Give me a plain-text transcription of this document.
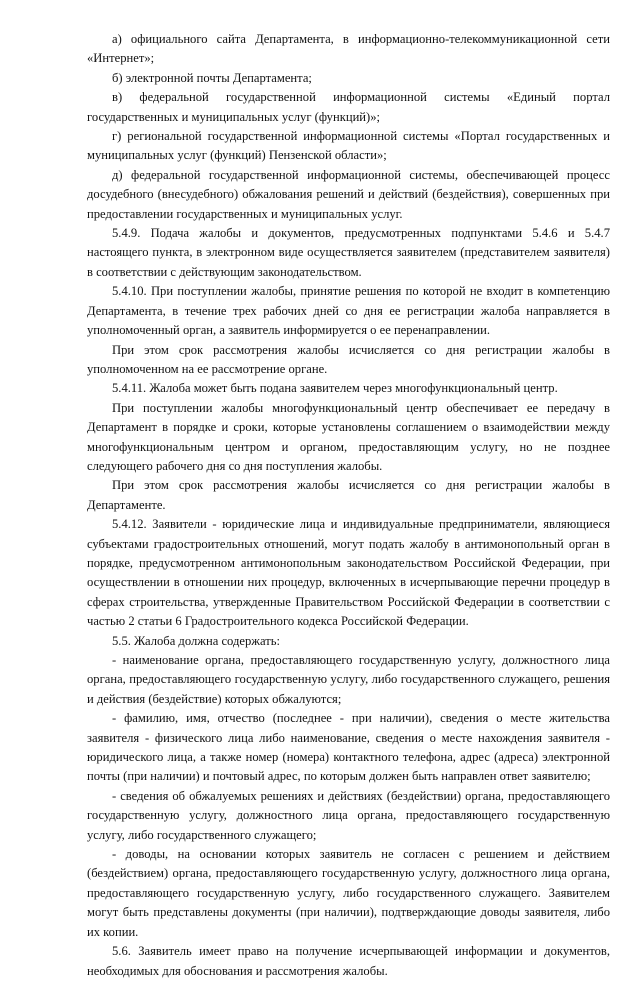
а) официального сайта Департамента, в информационно-телекоммуникационной сети «Интернет»;

б) электронной почты Департамента;

в) федеральной государственной информационной системы «Единый портал государственных и муниципальных услуг (функций)»;

г) региональной государственной информационной системы «Портал государственных и муниципальных услуг (функций) Пензенской области»;

д) федеральной государственной информационной системы, обеспечивающей процесс досудебного (внесудебного) обжалования решений и действий (бездействия), совершенных при предоставлении государственных и муниципальных услуг.

5.4.9. Подача жалобы и документов, предусмотренных подпунктами 5.4.6 и 5.4.7 настоящего пункта, в электронном виде осуществляется заявителем (представителем заявителя) в соответствии с действующим законодательством.

5.4.10. При поступлении жалобы, принятие решения по которой не входит в компетенцию Департамента, в течение трех рабочих дней со дня ее регистрации жалоба направляется в уполномоченный орган, а заявитель информируется о ее перенаправлении.

При этом срок рассмотрения жалобы исчисляется со дня регистрации жалобы в уполномоченном на ее рассмотрение органе.

5.4.11. Жалоба может быть подана заявителем через многофункциональный центр.

При поступлении жалобы многофункциональный центр обеспечивает ее передачу в Департамент в порядке и сроки, которые установлены соглашением о взаимодействии между многофункциональным центром и органом, предоставляющим услугу, но не позднее следующего рабочего дня со дня поступления жалобы.

При этом срок рассмотрения жалобы исчисляется со дня регистрации жалобы в Департаменте.

5.4.12. Заявители - юридические лица и индивидуальные предприниматели, являющиеся субъектами градостроительных отношений, могут подать жалобу в антимонопольный орган в порядке, предусмотренном антимонопольным законодательством Российской Федерации, при осуществлении в отношении них процедур, включенных в исчерпывающие перечни процедур в сферах строительства, утвержденные Правительством Российской Федерации в соответствии с частью 2 статьи 6 Градостроительного кодекса Российской Федерации.

5.5. Жалоба должна содержать:

- наименование органа, предоставляющего государственную услугу, должностного лица органа, предоставляющего государственную услугу, либо государственного служащего, решения и действия (бездействие) которых обжалуются;

- фамилию, имя, отчество (последнее - при наличии), сведения о месте жительства заявителя - физического лица либо наименование, сведения о месте нахождения заявителя - юридического лица, а также номер (номера) контактного телефона, адрес (адреса) электронной почты (при наличии) и почтовый адрес, по которым должен быть направлен ответ заявителю;

- сведения об обжалуемых решениях и действиях (бездействии) органа, предоставляющего государственную услугу, должностного лица органа, предоставляющего государственную услугу, либо государственного служащего;

- доводы, на основании которых заявитель не согласен с решением и действием (бездействием) органа, предоставляющего государственную услугу, должностного лица органа, предоставляющего государственную услугу, либо государственного служащего. Заявителем могут быть представлены документы (при наличии), подтверждающие доводы заявителя, либо их копии.

5.6. Заявитель имеет право на получение исчерпывающей информации и документов, необходимых для обоснования и рассмотрения жалобы.
